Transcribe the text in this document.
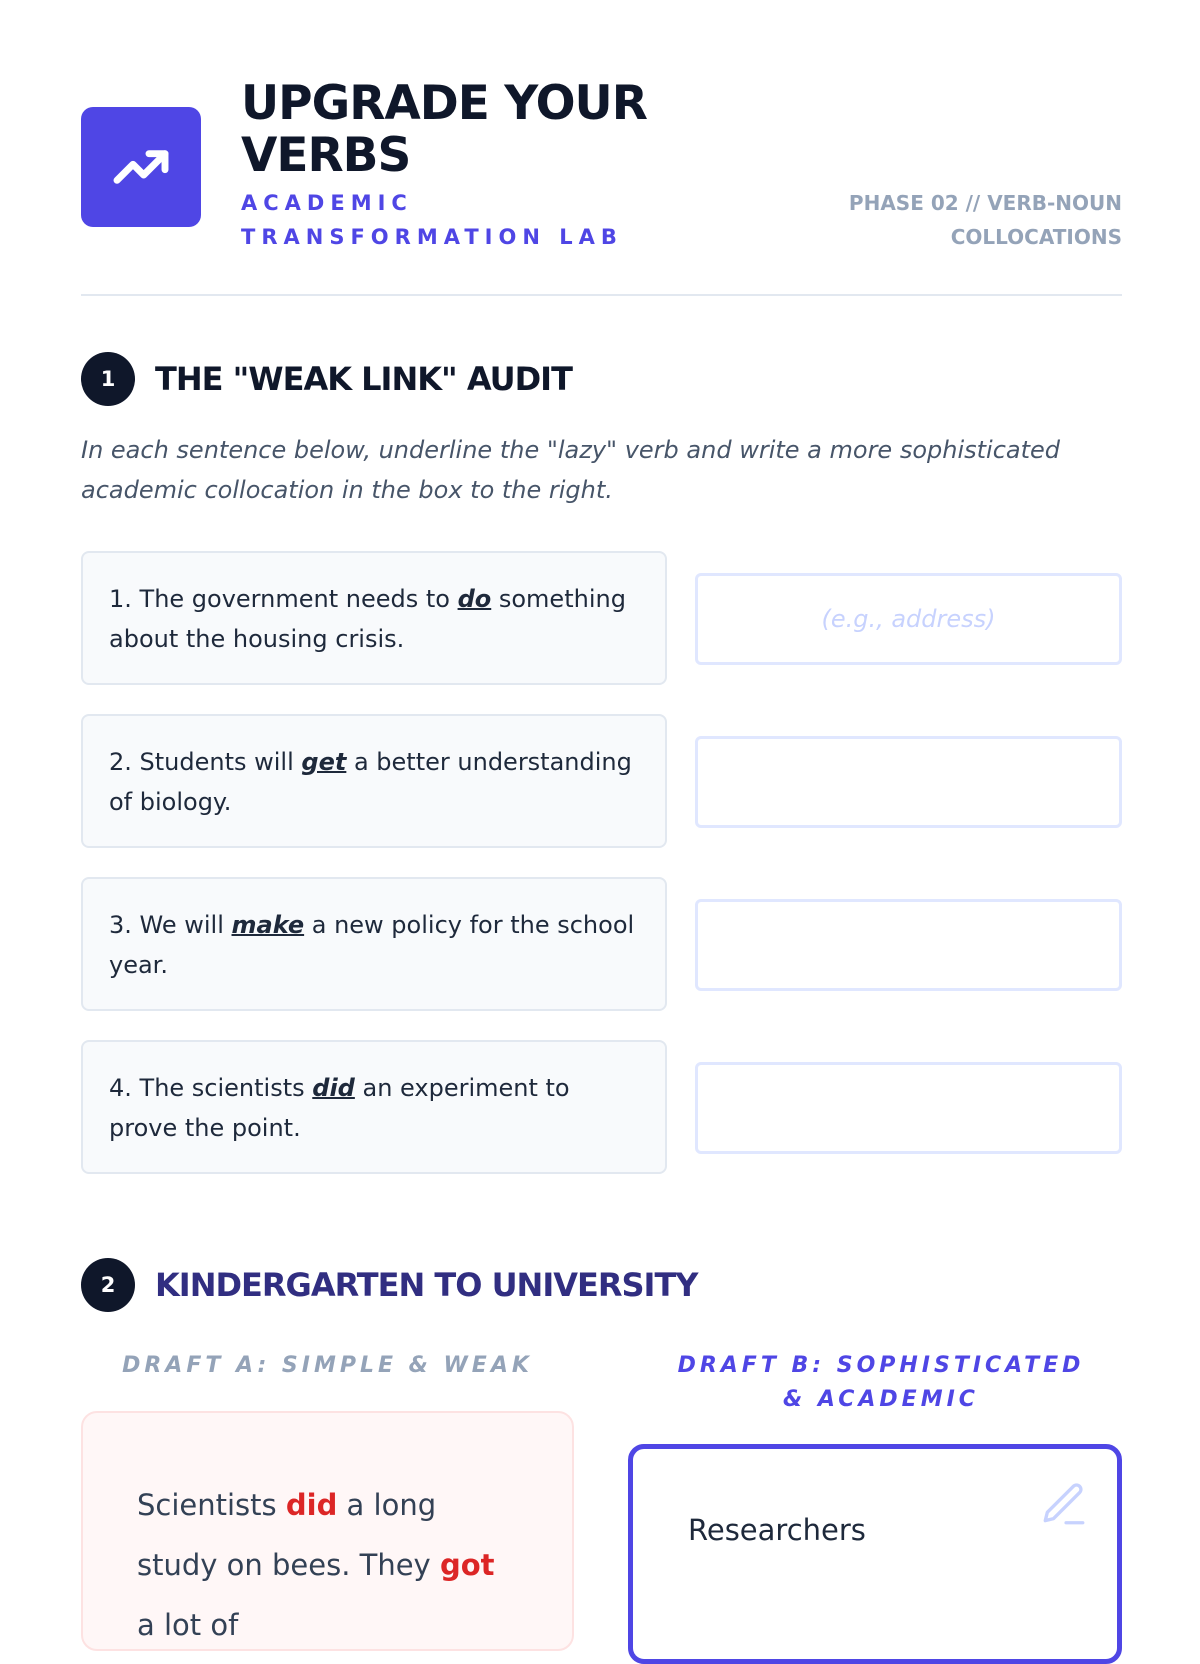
UPGRADE YOUR VERBS
ACADEMIC TRANSFORMATION LAB
PHASE 02 // VERB-NOUN COLLOCATIONS
1	THE "WEAK LINK" AUDIT
In each sentence below, underline the "lazy" verb and write a more sophisticated academic collocation in the box to the right.
1. The government needs to do something about the housing crisis.
(e.g., address)
2. Students will get a better understanding of biology.
3. We will make a new policy for the school year.
4. The scientists did an experiment to prove the point.
2	KINDERGARTEN TO UNIVERSITY
DRAFT A: SIMPLE & WEAK	DRAFT B: SOPHISTICATED & ACADEMIC
Scientists did a long study on bees. They got a lot of
Researchers
